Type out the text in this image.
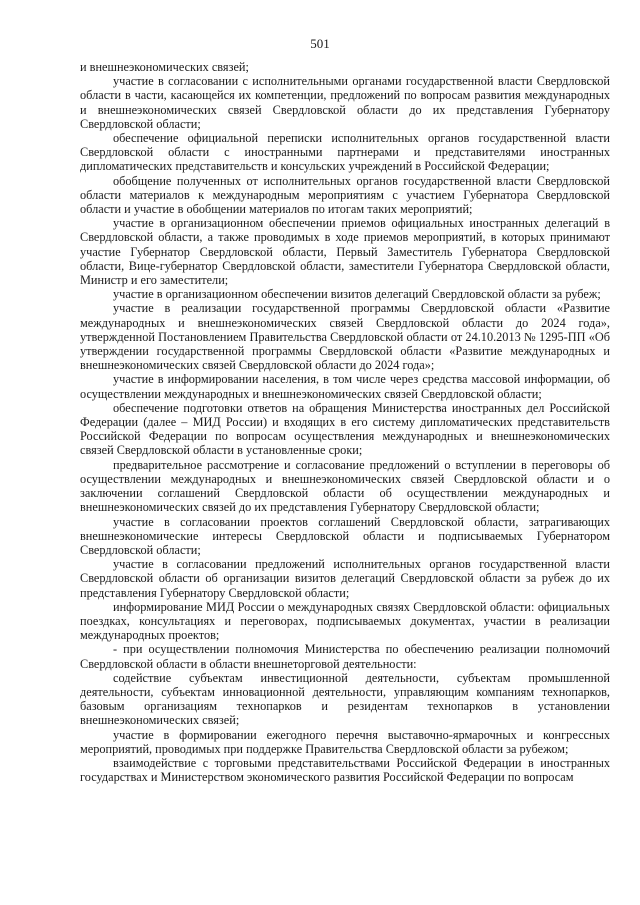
501

и внешнеэкономических связей;

участие в согласовании с исполнительными органами государственной власти Свердловской области в части, касающейся их компетенции, предложений по вопросам развития международных и внешнеэкономических связей Свердловской области до их представления Губернатору Свердловской области;

обеспечение официальной переписки исполнительных органов государственной власти Свердловской области с иностранными партнерами и представителями иностранных дипломатических представительств и консульских учреждений в Российской Федерации;

обобщение полученных от исполнительных органов государственной власти Свердловской области материалов к международным мероприятиям с участием Губернатора Свердловской области и участие в обобщении материалов по итогам таких мероприятий;

участие в организационном обеспечении приемов официальных иностранных делегаций в Свердловской области, а также проводимых в ходе приемов мероприятий, в которых принимают участие Губернатор Свердловской области, Первый Заместитель Губернатора Свердловской области, Вице-губернатор Свердловской области, заместители Губернатора Свердловской области, Министр и его заместители;

участие в организационном обеспечении визитов делегаций Свердловской области за рубеж;

участие в реализации государственной программы Свердловской области «Развитие международных и внешнеэкономических связей Свердловской области до 2024 года», утвержденной Постановлением Правительства Свердловской области от 24.10.2013 № 1295-ПП «Об утверждении государственной программы Свердловской области «Развитие международных и внешнеэкономических связей Свердловской области до 2024 года»;

участие в информировании населения, в том числе через средства массовой информации, об осуществлении международных и внешнеэкономических связей Свердловской области;

обеспечение подготовки ответов на обращения Министерства иностранных дел Российской Федерации (далее – МИД России) и входящих в его систему дипломатических представительств Российской Федерации по вопросам осуществления международных и внешнеэкономических связей Свердловской области в установленные сроки;

предварительное рассмотрение и согласование предложений о вступлении в переговоры об осуществлении международных и внешнеэкономических связей Свердловской области и о заключении соглашений Свердловской области об осуществлении международных и внешнеэкономических связей до их представления Губернатору Свердловской области;

участие в согласовании проектов соглашений Свердловской области, затрагивающих внешнеэкономические интересы Свердловской области и подписываемых Губернатором Свердловской области;

участие в согласовании предложений исполнительных органов государственной власти Свердловской области об организации визитов делегаций Свердловской области за рубеж до их представления Губернатору Свердловской области;

информирование МИД России о международных связях Свердловской области: официальных поездках, консультациях и переговорах, подписываемых документах, участии в реализации международных проектов;

- при осуществлении полномочия Министерства по обеспечению реализации полномочий Свердловской области в области внешнеторговой деятельности:

содействие субъектам инвестиционной деятельности, субъектам промышленной деятельности, субъектам инновационной деятельности, управляющим компаниям технопарков, базовым организациям технопарков и резидентам технопарков в установлении внешнеэкономических связей;

участие в формировании ежегодного перечня выставочно-ярмарочных и конгрессных мероприятий, проводимых при поддержке Правительства Свердловской области за рубежом;

взаимодействие с торговыми представительствами Российской Федерации в иностранных государствах и Министерством экономического развития Российской Федерации по вопросам
